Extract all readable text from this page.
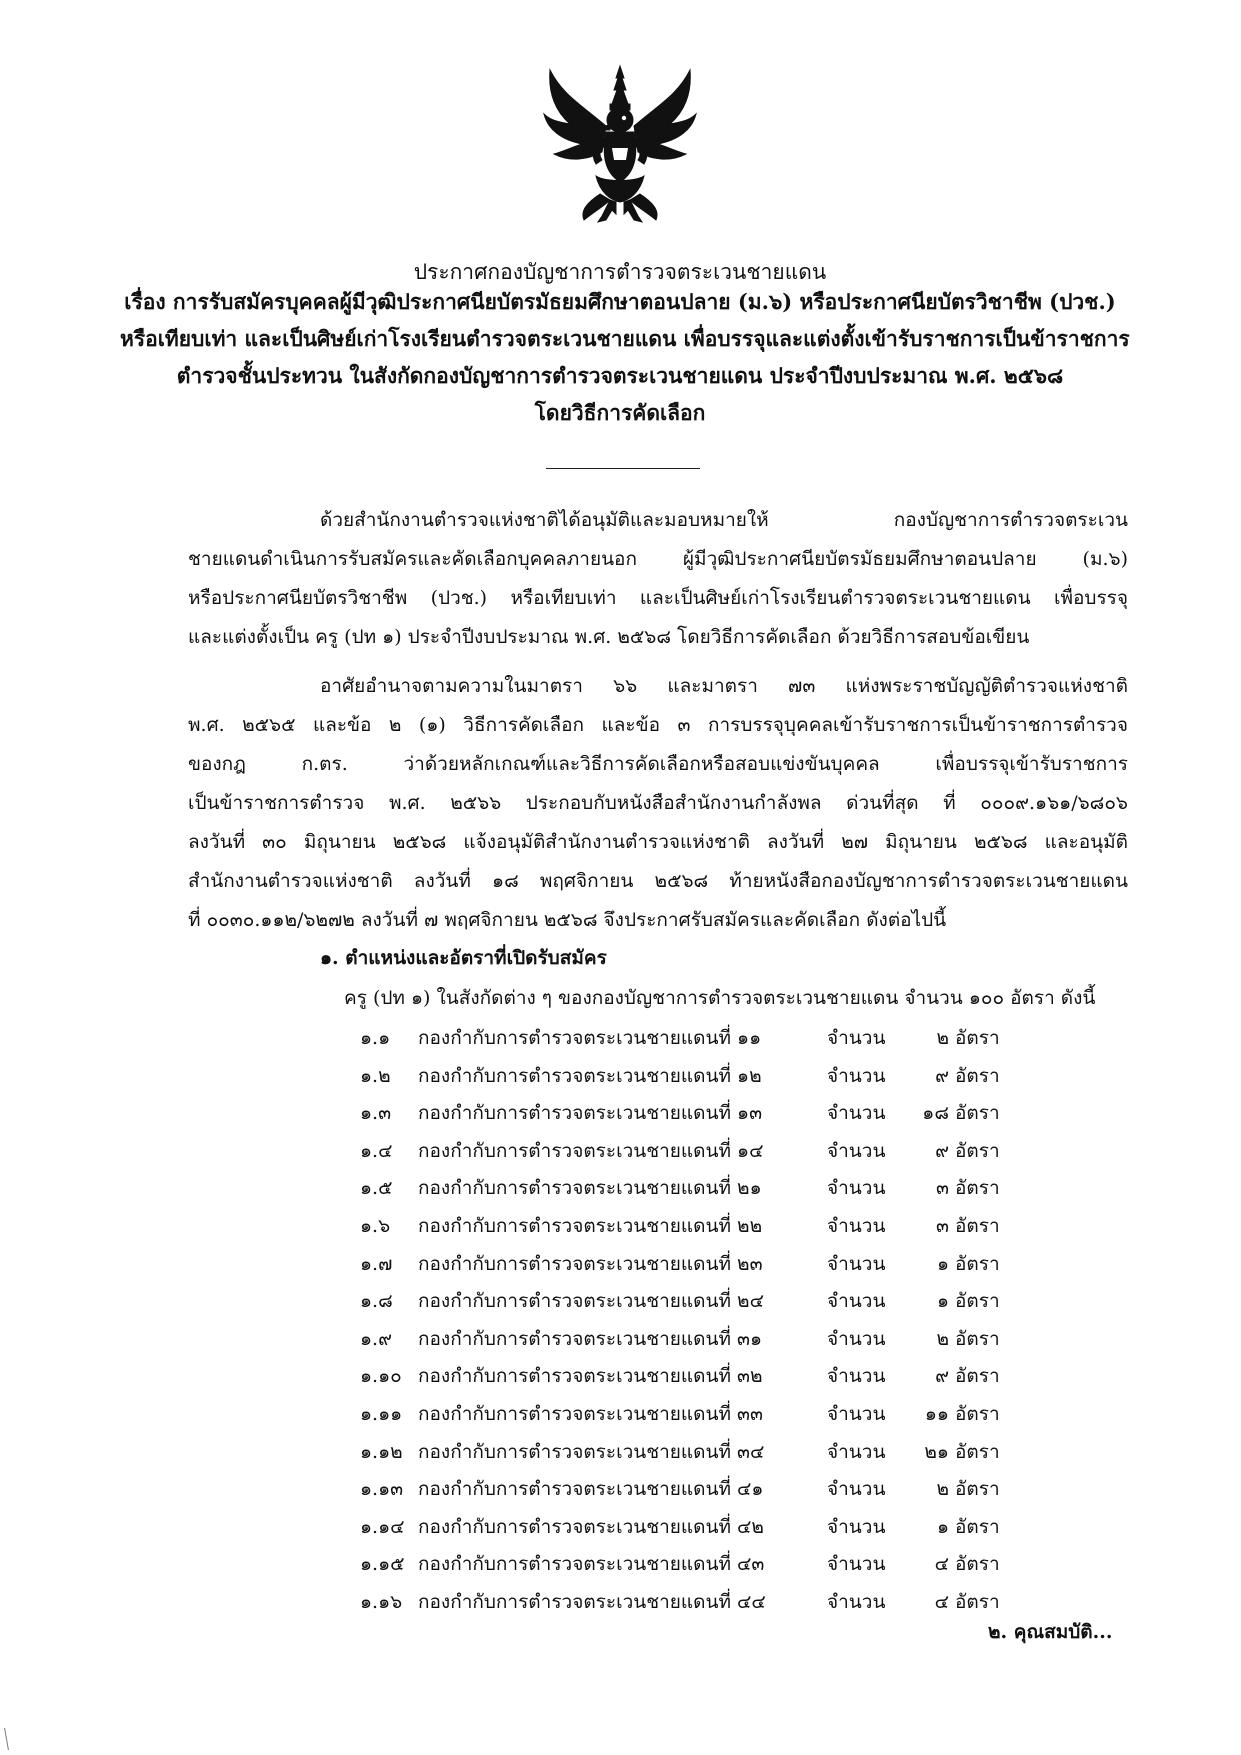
ประกาศกองบัญชาการตำรวจตระเวนชายแดน
เรื่อง การรับสมัครบุคคลผู้มีวุฒิประกาศนียบัตรมัธยมศึกษาตอนปลาย (ม.๖) หรือประกาศนียบัตรวิชาชีพ (ปวช.)
หรือเทียบเท่า และเป็นศิษย์เก่าโรงเรียนตำรวจตระเวนชายแดน เพื่อบรรจุและแต่งตั้งเข้ารับราชการเป็นข้าราชการ
ตำรวจชั้นประทวน ในสังกัดกองบัญชาการตำรวจตระเวนชายแดน ประจำปีงบประมาณ พ.ศ. ๒๕๖๘
โดยวิธีการคัดเลือก
ด้วยสำนักงานตำรวจแห่งชาติได้อนุมัติและมอบหมายให้ กองบัญชาการตำรวจตระเวน
ชายแดนดำเนินการรับสมัครและคัดเลือกบุคคลภายนอก ผู้มีวุฒิประกาศนียบัตรมัธยมศึกษาตอนปลาย (ม.๖)
หรือประกาศนียบัตรวิชาชีพ (ปวช.) หรือเทียบเท่า และเป็นศิษย์เก่าโรงเรียนตำรวจตระเวนชายแดน เพื่อบรรจุ
และแต่งตั้งเป็น ครู (ปท ๑) ประจำปีงบประมาณ พ.ศ. ๒๕๖๘ โดยวิธีการคัดเลือก ด้วยวิธีการสอบข้อเขียน
อาศัยอำนาจตามความในมาตรา ๖๖ และมาตรา ๗๓ แห่งพระราชบัญญัติตำรวจแห่งชาติ
พ.ศ. ๒๕๖๕ และข้อ ๒ (๑) วิธีการคัดเลือก และข้อ ๓ การบรรจุบุคคลเข้ารับราชการเป็นข้าราชการตำรวจ
ของกฎ ก.ตร. ว่าด้วยหลักเกณฑ์และวิธีการคัดเลือกหรือสอบแข่งขันบุคคล เพื่อบรรจุเข้ารับราชการ
เป็นข้าราชการตำรวจ พ.ศ. ๒๕๖๖ ประกอบกับหนังสือสำนักงานกำลังพล ด่วนที่สุด ที่ ๐๐๐๙.๑๖๑/๖๘๐๖
ลงวันที่ ๓๐ มิถุนายน ๒๕๖๘ แจ้งอนุมัติสำนักงานตำรวจแห่งชาติ ลงวันที่ ๒๗ มิถุนายน ๒๕๖๘ และอนุมัติ
สำนักงานตำรวจแห่งชาติ ลงวันที่ ๑๘ พฤศจิกายน ๒๕๖๘ ท้ายหนังสือกองบัญชาการตำรวจตระเวนชายแดน
ที่ ๐๐๓๐.๑๑๒/๖๒๗๒ ลงวันที่ ๗ พฤศจิกายน ๒๕๖๘ จึงประกาศรับสมัครและคัดเลือก ดังต่อไปนี้
๑. ตำแหน่งและอัตราที่เปิดรับสมัคร
ครู (ปท ๑) ในสังกัดต่าง ๆ ของกองบัญชาการตำรวจตระเวนชายแดน จำนวน ๑๐๐ อัตรา ดังนี้
๑.๑ กองกำกับการตำรวจตระเวนชายแดนที่ ๑๑	จำนวน	๒ อัตรา
๑.๒ กองกำกับการตำรวจตระเวนชายแดนที่ ๑๒	จำนวน	๙ อัตรา
๑.๓ กองกำกับการตำรวจตระเวนชายแดนที่ ๑๓	จำนวน	๑๘ อัตรา
๑.๔ กองกำกับการตำรวจตระเวนชายแดนที่ ๑๔	จำนวน	๙ อัตรา
๑.๕ กองกำกับการตำรวจตระเวนชายแดนที่ ๒๑	จำนวน	๓ อัตรา
๑.๖ กองกำกับการตำรวจตระเวนชายแดนที่ ๒๒	จำนวน	๓ อัตรา
๑.๗ กองกำกับการตำรวจตระเวนชายแดนที่ ๒๓	จำนวน	๑ อัตรา
๑.๘ กองกำกับการตำรวจตระเวนชายแดนที่ ๒๔	จำนวน	๑ อัตรา
๑.๙ กองกำกับการตำรวจตระเวนชายแดนที่ ๓๑	จำนวน	๒ อัตรา
๑.๑๐ กองกำกับการตำรวจตระเวนชายแดนที่ ๓๒	จำนวน	๙ อัตรา
๑.๑๑ กองกำกับการตำรวจตระเวนชายแดนที่ ๓๓	จำนวน	๑๑ อัตรา
๑.๑๒ กองกำกับการตำรวจตระเวนชายแดนที่ ๓๔	จำนวน	๒๑ อัตรา
๑.๑๓ กองกำกับการตำรวจตระเวนชายแดนที่ ๔๑	จำนวน	๒ อัตรา
๑.๑๔ กองกำกับการตำรวจตระเวนชายแดนที่ ๔๒	จำนวน	๑ อัตรา
๑.๑๕ กองกำกับการตำรวจตระเวนชายแดนที่ ๔๓	จำนวน	๔ อัตรา
๑.๑๖ กองกำกับการตำรวจตระเวนชายแดนที่ ๔๔	จำนวน	๔ อัตรา
๒. คุณสมบัติ...
